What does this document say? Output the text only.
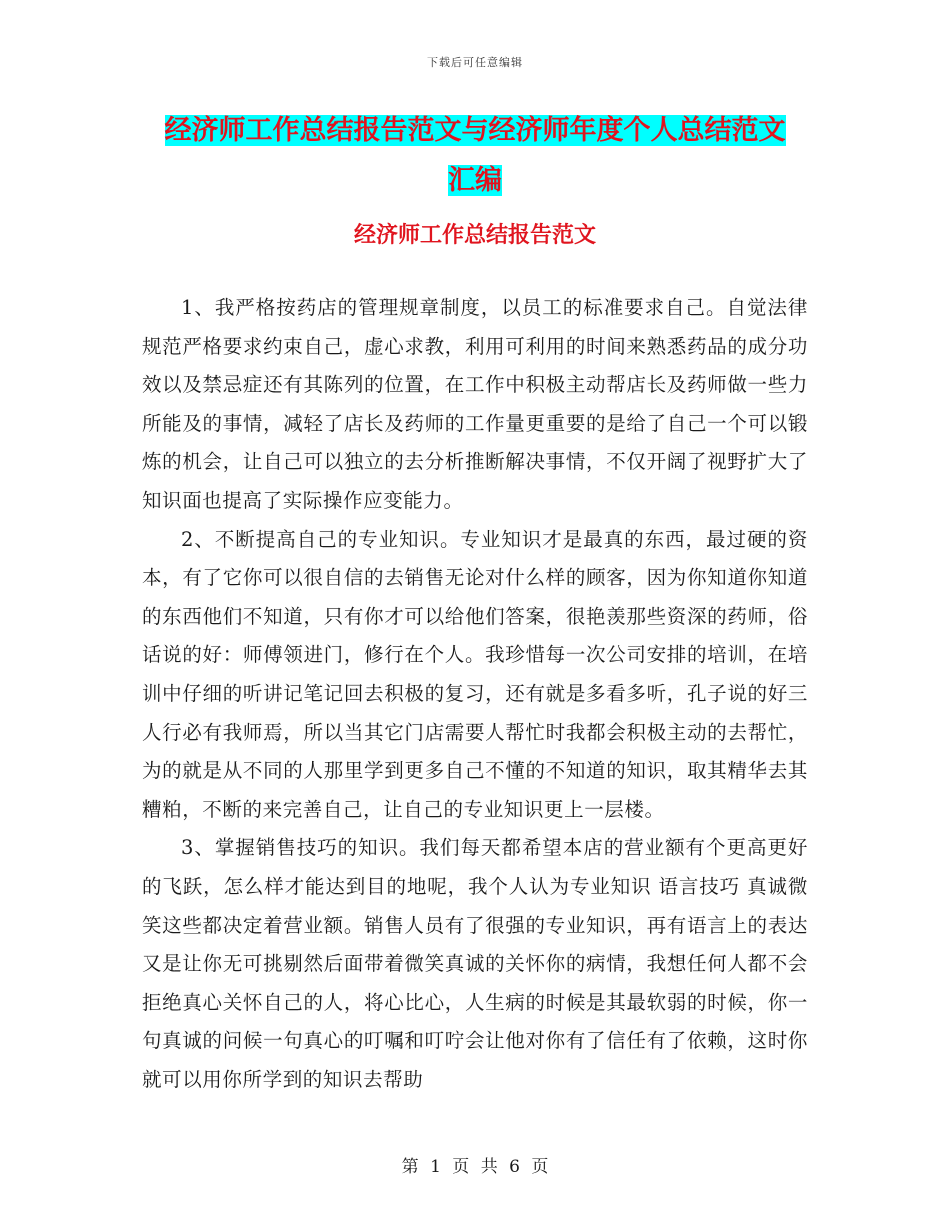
下载后可任意编辑
经济师工作总结报告范文与经济师年度个人总结范文
汇编
经济师工作总结报告范文

1、我严格按药店的管理规章制度，以员工的标准要求自己。自觉法律规范严格要求约束自己，虚心求教，利用可利用的时间来熟悉药品的成分功效以及禁忌症还有其陈列的位置，在工作中积极主动帮店长及药师做一些力所能及的事情，减轻了店长及药师的工作量更重要的是给了自己一个可以锻炼的机会，让自己可以独立的去分析推断解决事情，不仅开阔了视野扩大了知识面也提高了实际操作应变能力。

2、不断提高自己的专业知识。专业知识才是最真的东西，最过硬的资本，有了它你可以很自信的去销售无论对什么样的顾客，因为你知道你知道的东西他们不知道，只有你才可以给他们答案，很艳羡那些资深的药师，俗话说的好：师傅领进门，修行在个人。我珍惜每一次公司安排的培训，在培训中仔细的听讲记笔记回去积极的复习，还有就是多看多听，孔子说的好三人行必有我师焉，所以当其它门店需要人帮忙时我都会积极主动的去帮忙，为的就是从不同的人那里学到更多自己不懂的不知道的知识，取其精华去其糟粕，不断的来完善自己，让自己的专业知识更上一层楼。

3、掌握销售技巧的知识。我们每天都希望本店的营业额有个更高更好的飞跃，怎么样才能达到目的地呢，我个人认为专业知识 语言技巧 真诚微笑这些都决定着营业额。销售人员有了很强的专业知识，再有语言上的表达又是让你无可挑剔然后面带着微笑真诚的关怀你的病情，我想任何人都不会拒绝真心关怀自己的人，将心比心，人生病的时候是其最软弱的时候，你一句真诚的问候一句真心的叮嘱和叮咛会让他对你有了信任有了依赖，这时你就可以用你所学到的知识去帮助

第 1 页 共 6 页
